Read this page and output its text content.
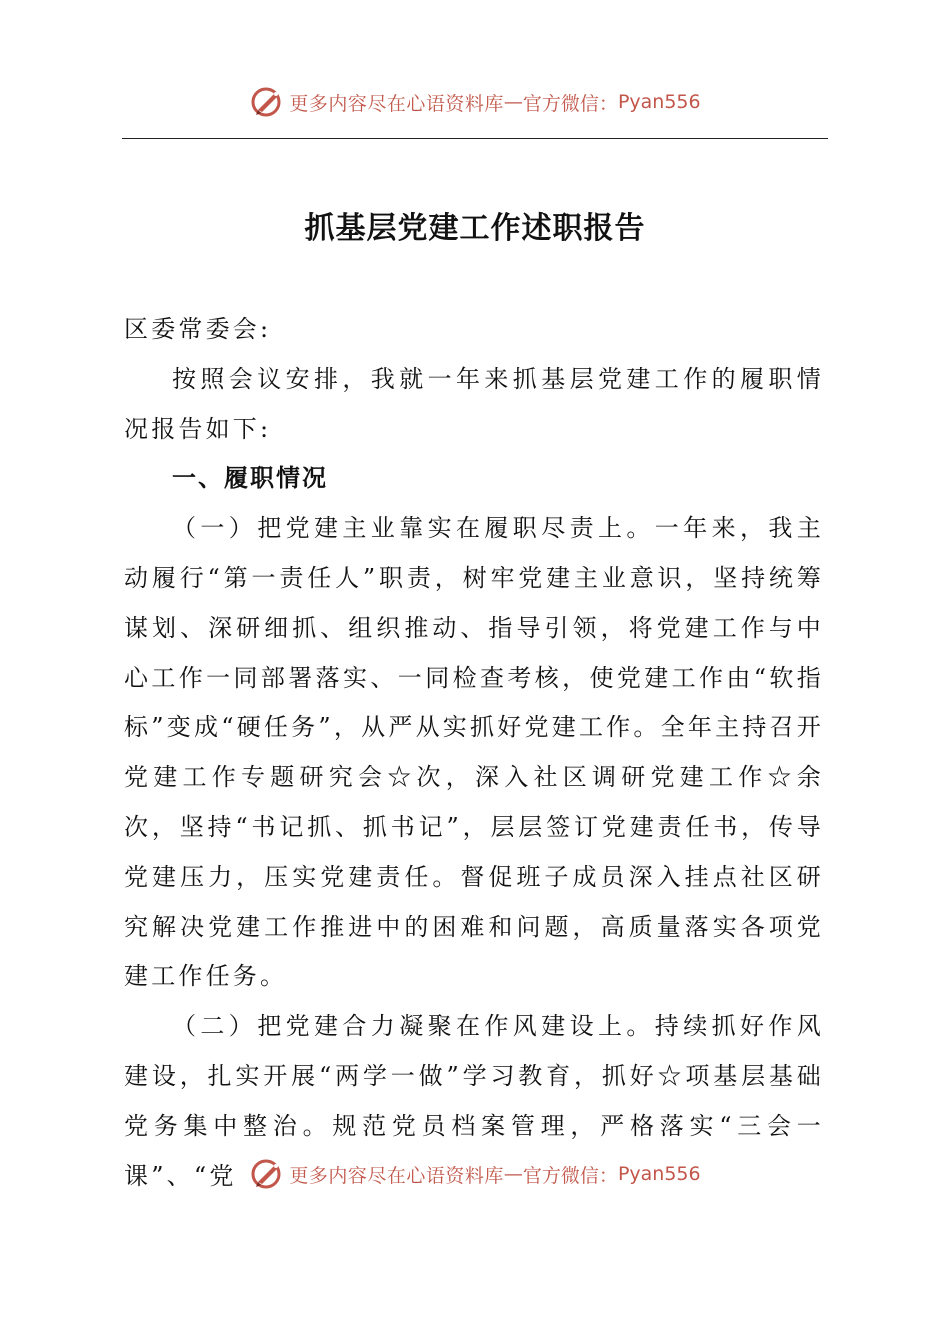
更多内容尽在心语资料库 — 官方微信： Pyan556
抓基层党建工作述职报告

区委常委会:

按照会议安排，我就一年来抓基层党建工作的履职情况报告如下:

一、履职情况

（一）把党建主业靠实在履职尽责上。一年来，我主动履行“第一责任人”职责，树牢党建主业意识，坚持统筹谋划、深研细抓、组织推动、指导引领，将党建工作与中心工作一同部署落实、一同检查考核，使党建工作由“软指标”变成“硬任务”，从严从实抓好党建工作。全年主持召开党建工作专题研究会☆次，深入社区调研党建工作☆余次，坚持“书记抓、抓书记”，层层签订党建责任书，传导党建压力，压实党建责任。督促班子成员深入挂点社区研究解决党建工作推进中的困难和问题，高质量落实各项党建工作任务。

（二）把党建合力凝聚在作风建设上。持续抓好作风建设，扎实开展“两学一做”学习教育，抓好☆项基层基础党务集中整治。规范党员档案管理，严格落实“三会一课”、“党	更多内容尽在心语资料库 — 官方微信： Pyan556
